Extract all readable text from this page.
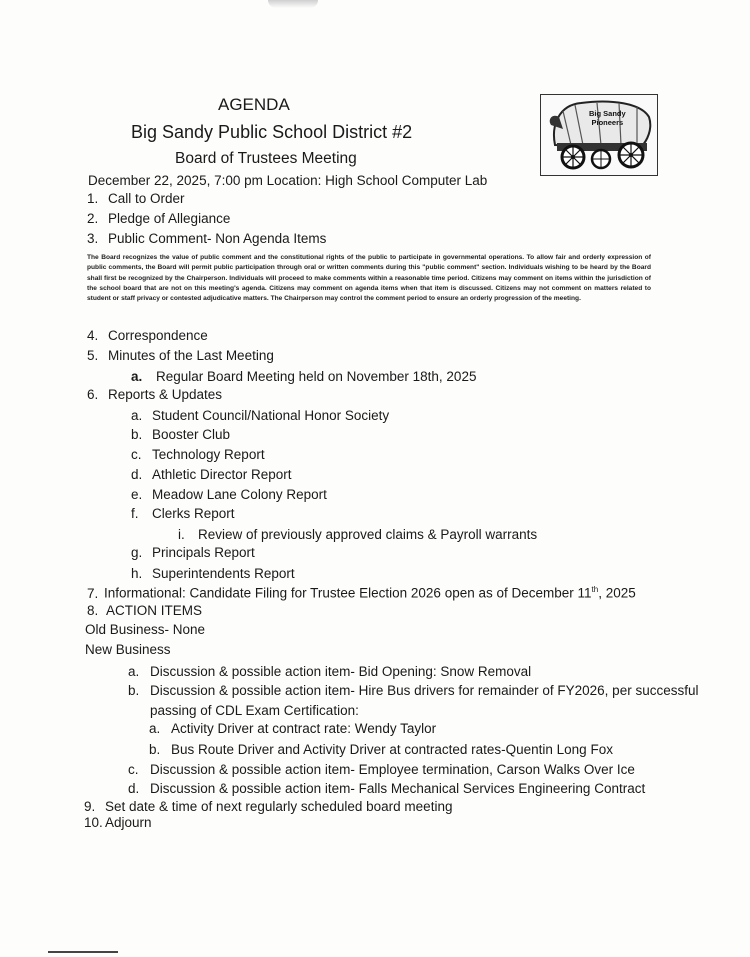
AGENDA
Big Sandy Public School District #2
Board of Trustees Meeting
December 22, 2025, 7:00 pm Location: High School Computer Lab
Big Sandy
Pioneers
1. Call to Order
2. Pledge of Allegiance
3. Public Comment- Non Agenda Items
The Board recognizes the value of public comment and the constitutional rights of the public to participate in governmental operations. To allow fair and orderly expression of public comments, the Board will permit public participation through oral or written comments during this "public comment" section. Individuals wishing to be heard by the Board shall first be recognized by the Chairperson. Individuals will proceed to make comments within a reasonable time period. Citizens may comment on items within the jurisdiction of the school board that are not on this meeting's agenda. Citizens may comment on agenda items when that item is discussed. Citizens may not comment on matters related to student or staff privacy or contested adjudicative matters. The Chairperson may control the comment period to ensure an orderly progression of the meeting.
4. Correspondence
5. Minutes of the Last Meeting
a. Regular Board Meeting held on November 18th, 2025
6. Reports & Updates
a. Student Council/National Honor Society
b. Booster Club
c. Technology Report
d. Athletic Director Report
e. Meadow Lane Colony Report
f. Clerks Report
i. Review of previously approved claims & Payroll warrants
g. Principals Report
h. Superintendents Report
7. Informational: Candidate Filing for Trustee Election 2026 open as of December 11th, 2025
8. ACTION ITEMS
Old Business- None
New Business
a. Discussion & possible action item- Bid Opening: Snow Removal
b. Discussion & possible action item- Hire Bus drivers for remainder of FY2026, per successful
passing of CDL Exam Certification:
a. Activity Driver at contract rate: Wendy Taylor
b. Bus Route Driver and Activity Driver at contracted rates-Quentin Long Fox
c. Discussion & possible action item- Employee termination, Carson Walks Over Ice
d. Discussion & possible action item- Falls Mechanical Services Engineering Contract
9. Set date & time of next regularly scheduled board meeting
10. Adjourn
